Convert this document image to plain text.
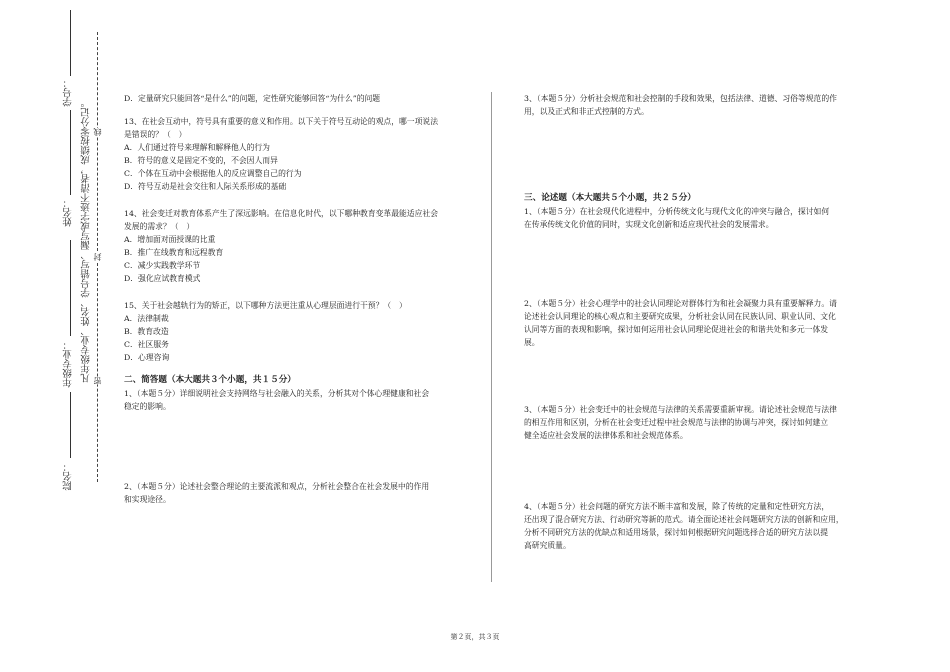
学号：
姓名：
年级专业：
院名：
凡年级专业、姓名、学号错写、漏写或字迹不清者，成绩按零分记。 线
封
密

D．定量研究只能回答“是什么”的问题，定性研究能够回答“为什么”的问题

13、在社会互动中，符号具有重要的意义和作用。以下关于符号互动论的观点，哪一项说法

是错误的？（　）

A．人们通过符号来理解和解释他人的行为

B．符号的意义是固定不变的，不会因人而异

C．个体在互动中会根据他人的反应调整自己的行为

D．符号互动是社会交往和人际关系形成的基础

14、社会变迁对教育体系产生了深远影响。在信息化时代，以下哪种教育变革最能适应社会

发展的需求？（　）

A．增加面对面授课的比重

B．推广在线教育和远程教育

C．减少实践教学环节

D．强化应试教育模式

15、关于社会越轨行为的矫正，以下哪种方法更注重从心理层面进行干预？（　）

A．法律制裁

B．教育改造

C．社区服务

D．心理咨询

二、简答题（本大题共３个小题，共１５分）

1、（本题５分）详细说明社会支持网络与社会融入的关系，分析其对个体心理健康和社会

稳定的影响。

2、（本题５分）论述社会整合理论的主要流派和观点，分析社会整合在社会发展中的作用

和实现途径。

3、（本题５分）分析社会规范和社会控制的手段和效果，包括法律、道德、习俗等规范的作

用，以及正式和非正式控制的方式。

三、论述题（本大题共５个小题，共２５分）

1、（本题５分）在社会现代化进程中，分析传统文化与现代文化的冲突与融合，探讨如何

在传承传统文化价值的同时，实现文化创新和适应现代社会的发展需求。

2、（本题５分）社会心理学中的社会认同理论对群体行为和社会凝聚力具有重要解释力。请

论述社会认同理论的核心观点和主要研究成果，分析社会认同在民族认同、职业认同、文化

认同等方面的表现和影响，探讨如何运用社会认同理论促进社会的和谐共处和多元一体发

展。

3、（本题５分）社会变迁中的社会规范与法律的关系需要重新审视。请论述社会规范与法律

的相互作用和区别，分析在社会变迁过程中社会规范与法律的协调与冲突，探讨如何建立

健全适应社会发展的法律体系和社会规范体系。

4、（本题５分）社会问题的研究方法不断丰富和发展，除了传统的定量和定性研究方法，

还出现了混合研究方法、行动研究等新的范式。请全面论述社会问题研究方法的创新和应用，

分析不同研究方法的优缺点和适用场景，探讨如何根据研究问题选择合适的研究方法以提

高研究质量。

第２页，共３页
